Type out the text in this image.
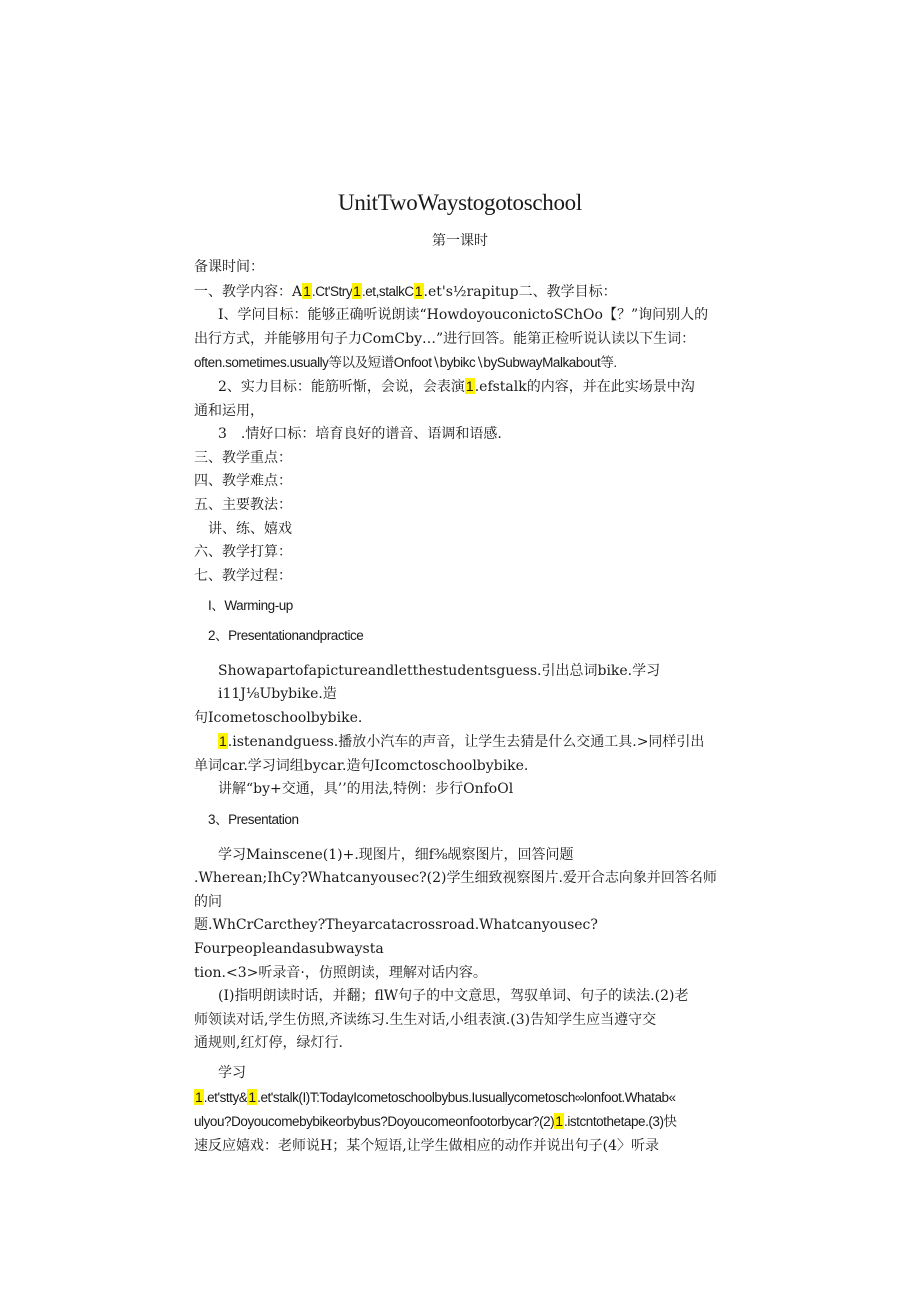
UnitTwoWaystogotoschool
第一课时

备课时间：

一、教学内容：A1.Ct'Stry1.et,stalkC1.et's½rapitup二、教学目标：

I、学问目标：能够正确听说朗读“HowdoyouconictoSChOo【？”询问别人的

出行方式，并能够用句子力ComCby…”进行回答。能第正检听说认读以下生词：

often.sometimes.usually等以及短谱Onfoot∖bybikc∖bySubwayMalkabout等.

2、实力目标：能筋听惭，会说，会表演1.efstalk的内容，并在此实场景中沟

通和运用，

3　.情好口标：培育良好的谱音、语调和语感.

三、教学重点：

四、教学难点：

五、主要教法：

讲、练、嬉戏

六、教学打算：

七、教学过程：

I、Warming-up

2、Presentationandpractice

Showapartofapictureandletthestudentsguess.引出总词bike.学习i11J⅛Ubybike.造

句Icometoschoolbybike.

1.istenandguess.播放小汽车的声音，让学生去猜是什么交通工具.>同样引出

单词car.学习词组bycar.造句Icomctoschoolbybike.

讲解“by+交通，具’’的用法,特例：步行OnfoOl

3、Presentation

学习Mainscene(1)+.现图片，细f⅜觇察图片，回答问题

.Wherean;IhCy?Whatcanyousec?(2)学生细致视察图片.爱开合志向象并回答名师

的问

题.WhCrCarcthey?Theyarcatacrossroad.Whatcanyousec?Fourpeopleandasubwaysta

tion.<3>听录音·，仿照朗读，理解对话内容。

(I)指明朗读时话，并翻；flW句子的中文意思，驾驭单词、句子的读法.(2)老

师领读对话,学生仿照,齐读练习.生生对话,小组表演.(3)告知学生应当遵守交

通规则,红灯停，绿灯行.

学习

1.et'stty&1.et'stalk(I)T:TodayIcometoschoolbybus.Iusuallycometosch∞lonfoot.Whatab«

ulyou?Doyoucomebybikeorbybus?Doyoucomeonfootorbycar?(2)1.istcntothetape.(3)快

速反应嬉戏：老师说H；某个短语,让学生做相应的动作并说出句子(4〉听录
